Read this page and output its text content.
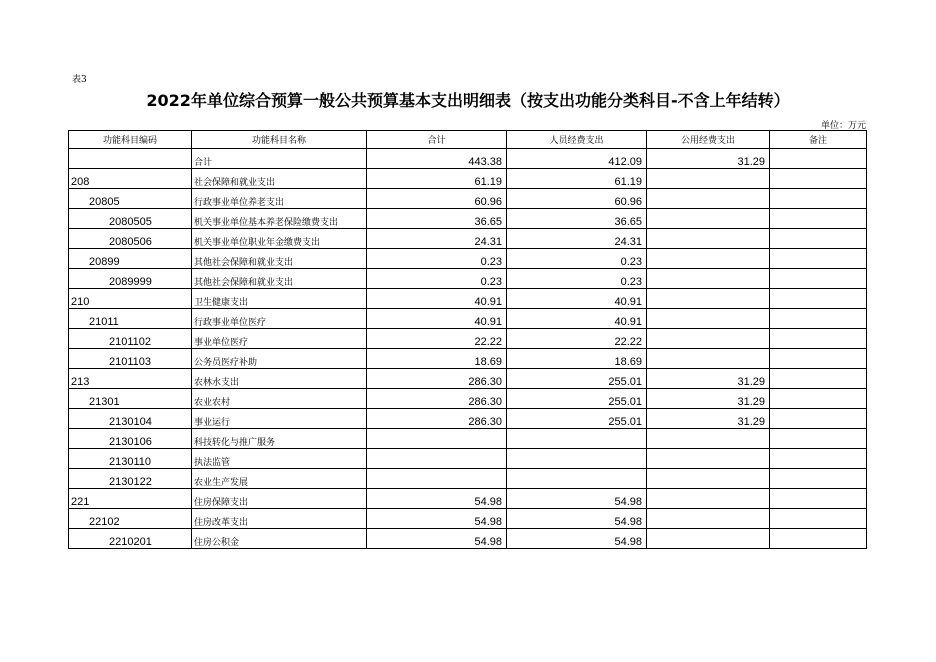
表3
2022年单位综合预算一般公共预算基本支出明细表（按支出功能分类科目-不含上年结转）
单位：万元
功能科目编码	功能科目名称	合计	人员经费支出	公用经费支出	备注
	合计	443.38	412.09	31.29	
208	社会保障和就业支出	61.19	61.19		
20805	行政事业单位养老支出	60.96	60.96		
2080505	机关事业单位基本养老保险缴费支出	36.65	36.65		
2080506	机关事业单位职业年金缴费支出	24.31	24.31		
20899	其他社会保障和就业支出	0.23	0.23		
2089999	其他社会保障和就业支出	0.23	0.23		
210	卫生健康支出	40.91	40.91		
21011	行政事业单位医疗	40.91	40.91		
2101102	事业单位医疗	22.22	22.22		
2101103	公务员医疗补助	18.69	18.69		
213	农林水支出	286.30	255.01	31.29	
21301	农业农村	286.30	255.01	31.29	
2130104	事业运行	286.30	255.01	31.29	
2130106	科技转化与推广服务				
2130110	执法监管				
2130122	农业生产发展				
221	住房保障支出	54.98	54.98		
22102	住房改革支出	54.98	54.98		
2210201	住房公积金	54.98	54.98		
